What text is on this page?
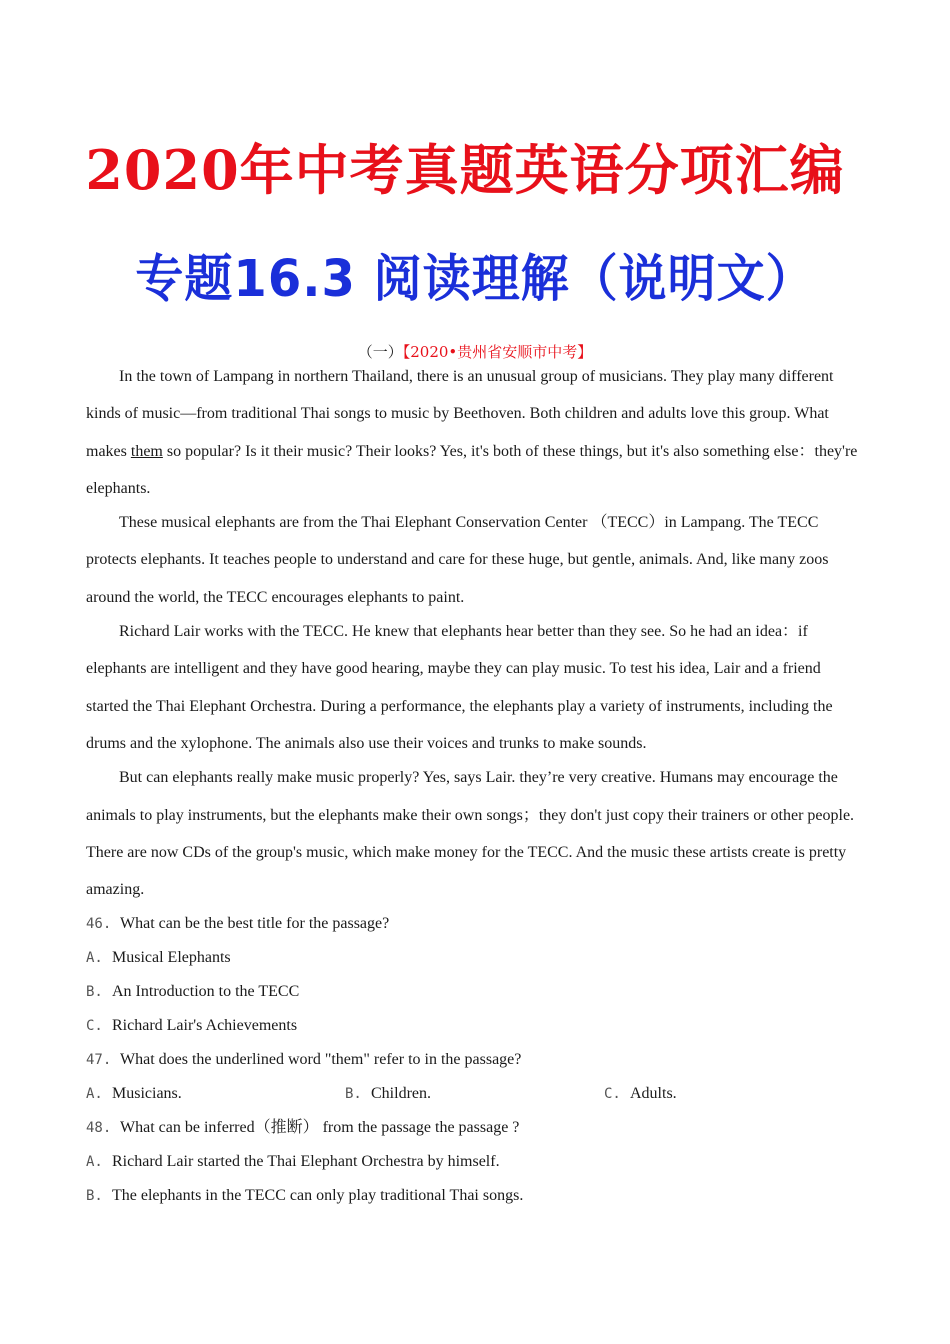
2020年中考真题英语分项汇编
专题16.3 阅读理解（说明文）
（一）【2020•贵州省安顺市中考】

In the town of Lampang in northern Thailand, there is an unusual group of musicians. They play many different kinds of music—from traditional Thai songs to music by Beethoven. Both children and adults love this group. What makes them so popular? Is it their music? Their looks? Yes, it's both of these things, but it's also something else：they're elephants.

These musical elephants are from the Thai Elephant Conservation Center （TECC）in Lampang. The TECC protects elephants. It teaches people to understand and care for these huge, but gentle, animals. And, like many zoos around the world, the TECC encourages elephants to paint.

Richard Lair works with the TECC. He knew that elephants hear better than they see. So he had an idea：if elephants are intelligent and they have good hearing, maybe they can play music. To test his idea, Lair and a friend started the Thai Elephant Orchestra. During a performance, the elephants play a variety of instruments, including the drums and the xylophone. The animals also use their voices and trunks to make sounds.

But can elephants really make music properly? Yes, says Lair. they’re very creative. Humans may encourage the animals to play instruments, but the elephants make their own songs；they don't just copy their trainers or other people. There are now CDs of the group's music, which make money for the TECC. And the music these artists create is pretty amazing.

46. What can be the best title for the passage?
A. Musical Elephants
B. An Introduction to the TECC
C. Richard Lair's Achievements
47. What does the underlined word "them" refer to in the passage?
A. Musicians.	B. Children.	C. Adults.
48. What can be inferred（推断） from the passage the passage ?
A. Richard Lair started the Thai Elephant Orchestra by himself.
B. The elephants in the TECC can only play traditional Thai songs.
